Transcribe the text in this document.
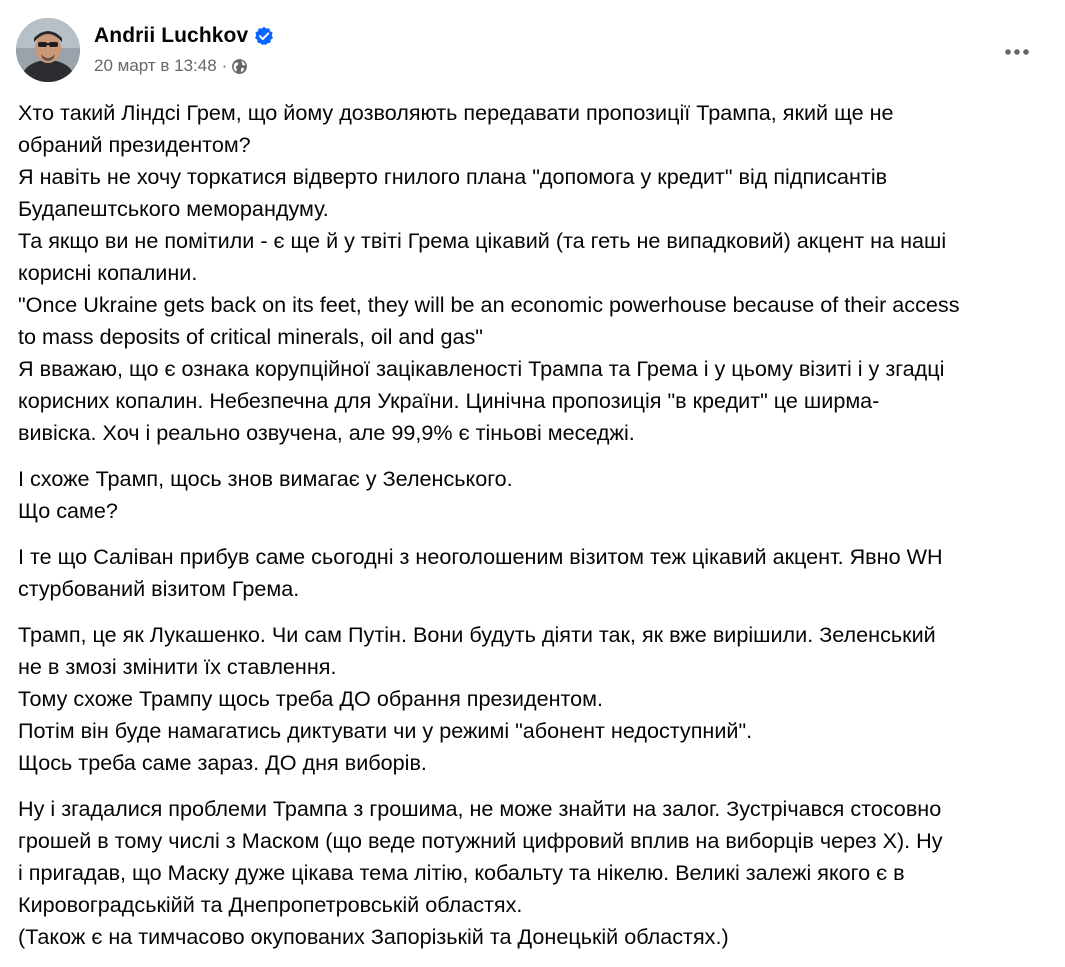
Andrii Luchkov
20 март в 13:48 ·

Хто такий Ліндсі Грем, що йому дозволяють передавати пропозиції Трампа, який ще не
обраний президентом?
Я навіть не хочу торкатися відверто гнилого плана "допомога у кредит" від підписантів
Будапештського меморандуму.
Та якщо ви не помітили - є ще й у твіті Грема цікавий (та геть не випадковий) акцент на наші
корисні копалини.
"Once Ukraine gets back on its feet, they will be an economic powerhouse because of their access
to mass deposits of critical minerals, oil and gas"
Я вважаю, що є ознака корупційної зацікавленості Трампа та Грема і у цьому візиті і у згадці
корисних копалин. Небезпечна для України. Цинічна пропозиція "в кредит" це ширма-
вивіска. Хоч і реально озвучена, але 99,9% є тіньові меседжі.

І схоже Трамп, щось знов вимагає у Зеленського.
Що саме?

І те що Саліван прибув саме сьогодні з неоголошеним візитом теж цікавий акцент. Явно WH
стурбований візитом Грема.

Трамп, це як Лукашенко. Чи сам Путін. Вони будуть діяти так, як вже вирішили. Зеленський
не в змозі змінити їх ставлення.
Тому схоже Трампу щось треба ДО обрання президентом.
Потім він буде намагатись диктувати чи у режимі "абонент недоступний".
Щось треба саме зараз. ДО дня виборів.

Ну і згадалися проблеми Трампа з грошима, не може знайти на залог. Зустрічався стосовно
грошей в тому числі з Маском (що веде потужний цифровий вплив на виборців через Х). Ну
і пригадав, що Маску дуже цікава тема літію, кобальту та нікелю. Великі залежі якого є в
Кировоградськійй та Днепропетровській областях.
(Також є на тимчасово окупованих Запорізькій та Донецькій областях.)
